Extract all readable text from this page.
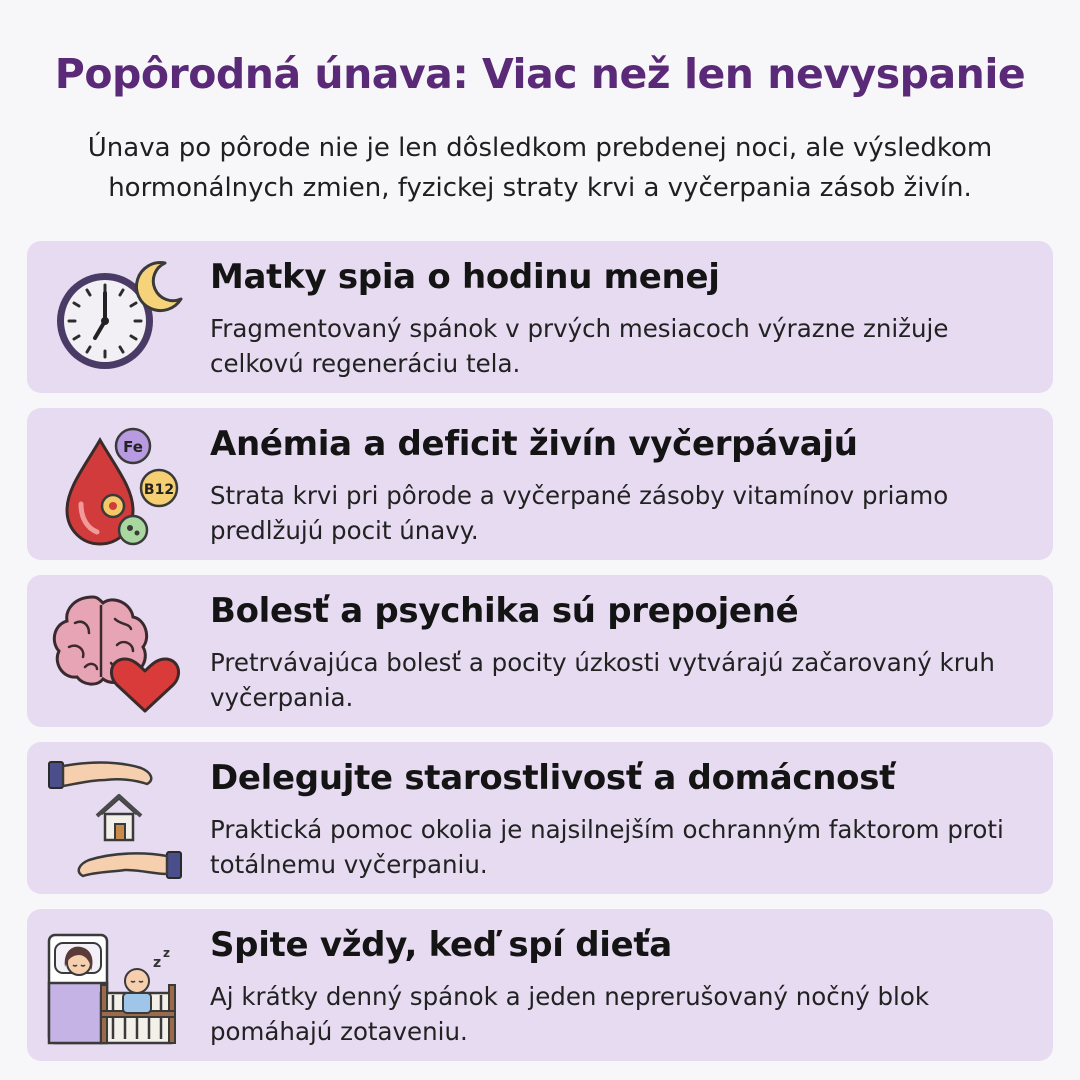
Popôrodná únava: Viac než len nevyspanie

Únava po pôrode nie je len dôsledkom prebdenej noci, ale výsledkom hormonálnych zmien, fyzickej straty krvi a vyčerpania zásob živín.

Matky spia o hodinu menej

Fragmentovaný spánok v prvých mesiacoch výrazne znižuje celkovú regeneráciu tela.

Fe
B12
Anémia a deficit živín vyčerpávajú

Strata krvi pri pôrode a vyčerpané zásoby vitamínov priamo predlžujú pocit únavy.

Bolesť a psychika sú prepojené

Pretrvávajúca bolesť a pocity úzkosti vytvárajú začarovaný kruh vyčerpania.

Delegujte starostlivosť a domácnosť

Praktická pomoc okolia je najsilnejším ochranným faktorom proti totálnemu vyčerpaniu.

z
z Spite vždy, keď spí dieťa

Aj krátky denný spánok a jeden neprerušovaný nočný blok pomáhajú zotaveniu.
